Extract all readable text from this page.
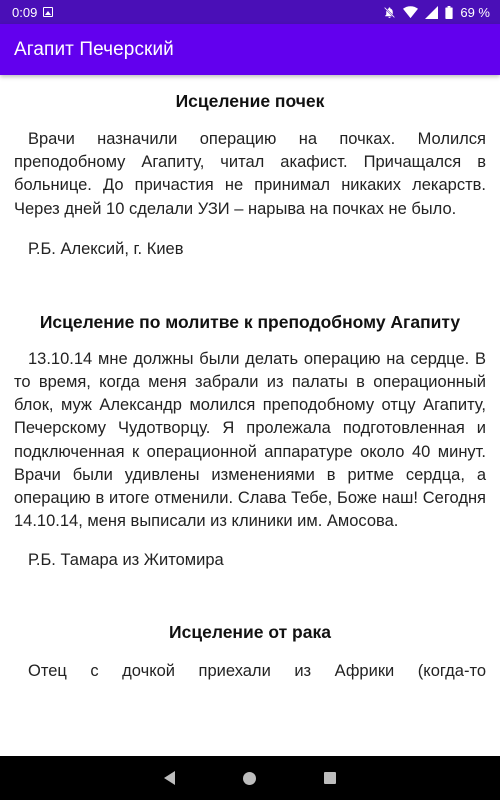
0:09	69 %
Агапит Печерский
Исцеление почек

Врачи назначили операцию на почках. Молился преподобному Агапиту, читал акафист. Причащался в больнице. До причастия не принимал никаких лекарств. Через дней 10 сделали УЗИ – нарыва на почках не было.

Р.Б. Алексий, г. Киев

Исцеление по молитве к преподобному Агапиту

13.10.14 мне должны были делать операцию на сердце. В то время, когда меня забрали из палаты в операционный блок, муж Александр молился преподобному отцу Агапиту, Печерскому Чудотворцу. Я пролежала подготовленная и подключенная к операционной аппаратуре около 40 минут. Врачи были удивлены изменениями в ритме сердца, а операцию в итоге отменили. Слава Тебе, Боже наш! Сегодня 14.10.14, меня выписали из клиники им. Амосова.

Р.Б. Тамара из Житомира

Исцеление от рака

Отец с дочкой приехали из Африки (когда-то
